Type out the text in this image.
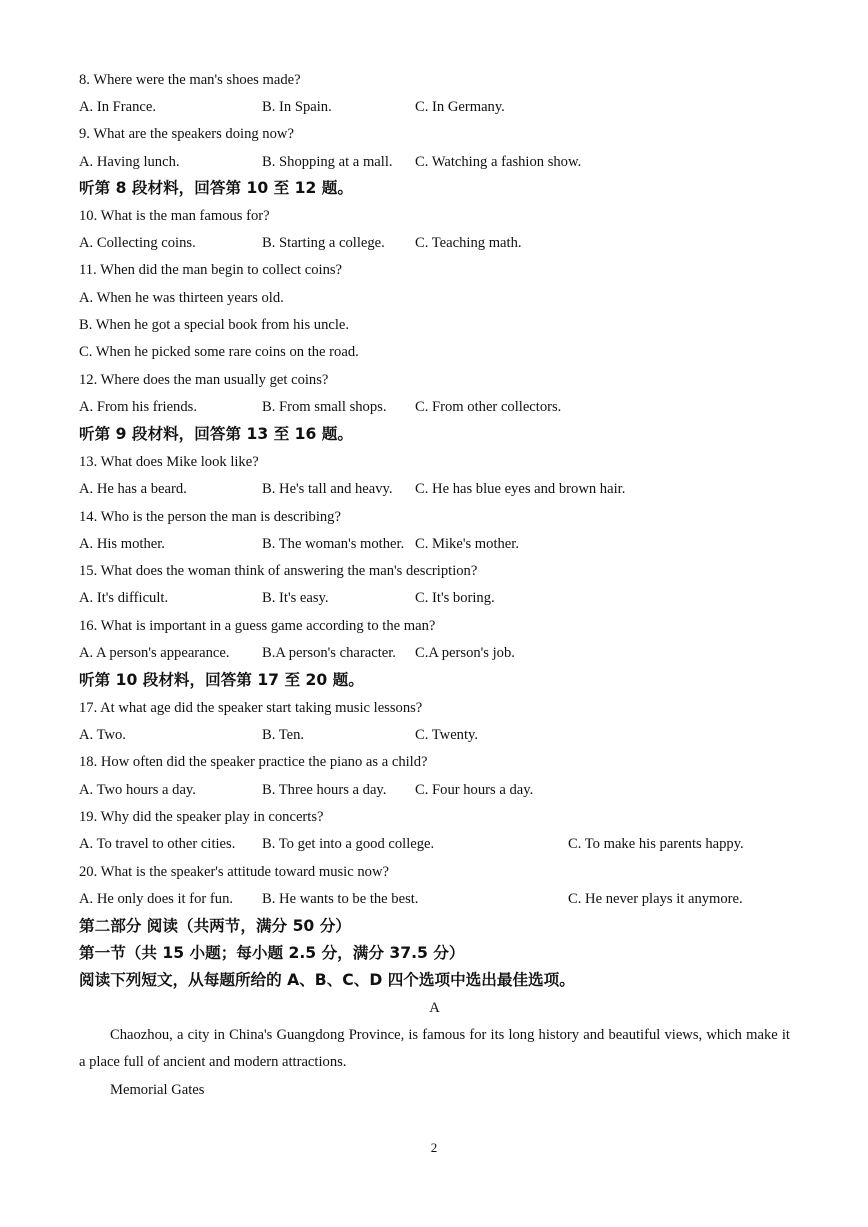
8. Where were the man's shoes made?
A. In France.	B. In Spain.	C. In Germany.
9. What are the speakers doing now?
A. Having lunch.	B. Shopping at a mall. C. Watching a fashion show.
听第 8 段材料，回答第 10 至 12 题。
10. What is the man famous for?
A. Collecting coins.	B. Starting a college. C. Teaching math.
11. When did the man begin to collect coins?
A. When he was thirteen years old.
B. When he got a special book from his uncle.
C. When he picked some rare coins on the road.
12. Where does the man usually get coins?
A. From his friends.	B. From small shops. C. From other collectors.
听第 9 段材料，回答第 13 至 16 题。
13. What does Mike look like?
A. He has a beard.	B. He's tall and heavy. C. He has blue eyes and brown hair.
14. Who is the person the man is describing?
A. His mother.	B. The woman's mother. C. Mike's mother.
15. What does the woman think of answering the man's description?
A. It's difficult.	B. It's easy.	C. It's boring.
16. What is important in a guess game according to the man?
A. A person's appearance. B.A person's character. C.A person's job.
听第 10 段材料，回答第 17 至 20 题。
17. At what age did the speaker start taking music lessons?
A. Two.	B. Ten.	C. Twenty.
18. How often did the speaker practice the piano as a child?
A. Two hours a day.	B. Three hours a day. C. Four hours a day.
19. Why did the speaker play in concerts?
A. To travel to other cities. B. To get into a good college.	C. To make his parents happy.
20. What is the speaker's attitude toward music now?
A. He only does it for fun. B. He wants to be the best.	C. He never plays it anymore.
第二部分 阅读（共两节，满分 50 分）
第一节（共 15 小题；每小题 2.5 分，满分 37.5 分）
阅读下列短文，从每题所给的 A、B、C、D 四个选项中选出最佳选项。
A
Chaozhou, a city in China's Guangdong Province, is famous for its long history and beautiful views, which make it a place full of ancient and modern attractions.
Memorial Gates
2
